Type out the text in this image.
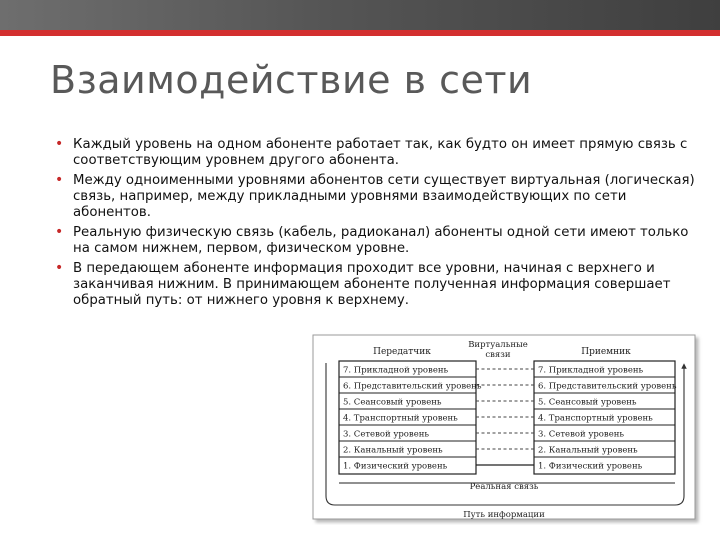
Взаимодействие в сети
• Каждый уровень на одном абоненте работает так, как будто он имеет прямую связь с соответствующим уровнем другого абонента.
• Между одноименными уровнями абонентов сети существует виртуальная (логическая) связь, например, между прикладными уровнями взаимодействующих по сети абонентов.
• Реальную физическую связь (кабель, радиоканал) абоненты одной сети имеют только на самом нижнем, первом, физическом уровне.
• В передающем абоненте информация проходит все уровни, начиная с верхнего и заканчивая нижним. В принимающем абоненте полученная информация совершает обратный путь: от нижнего уровня к верхнему.
Передатчик
Виртуальные
связи	Приемник
7. Прикладной уровень
6. Представительский уровень
5. Сеансовый уровень
4. Транспортный уровень
3. Сетевой уровень
2. Канальный уровень
1. Физический уровень
7. Прикладной уровень
6. Представительский уровень
5. Сеансовый уровень
4. Транспортный уровень
3. Сетевой уровень
2. Канальный уровень
1. Физический уровень
Реальная связь
Путь информации
